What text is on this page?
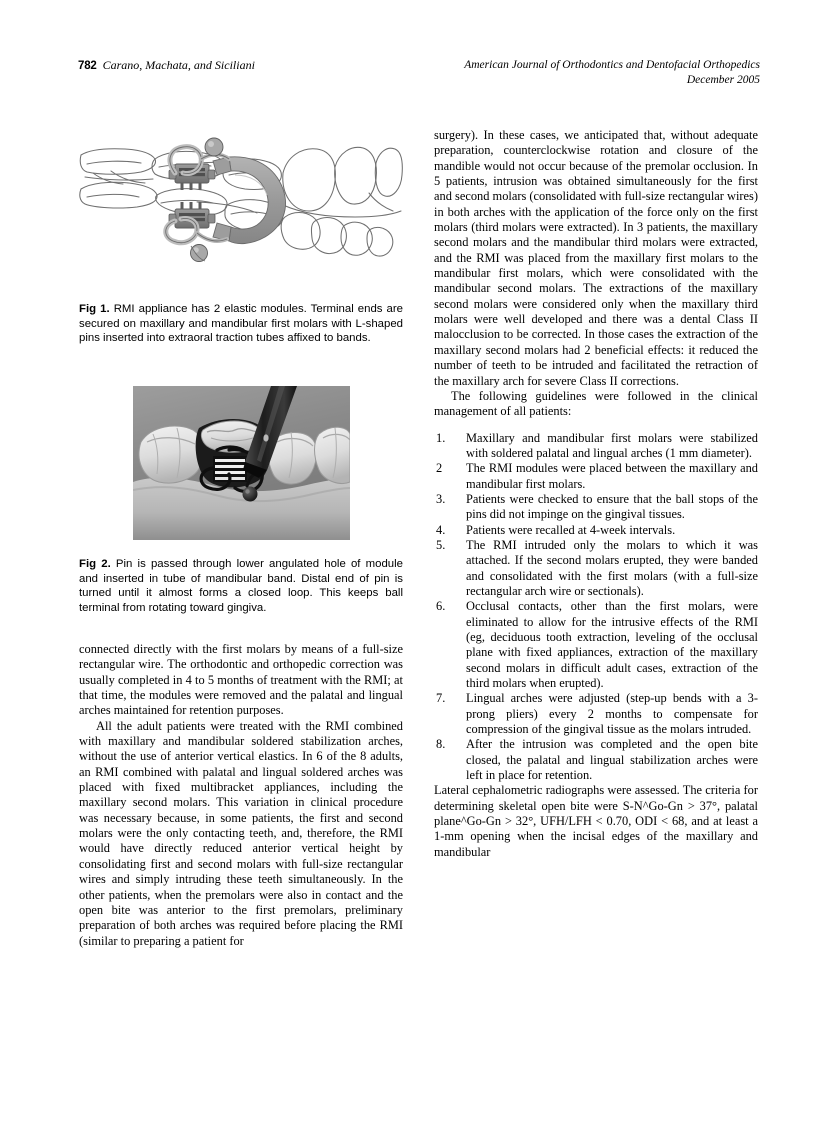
782 Carano, Machata, and Siciliani	American Journal of Orthodontics and Dentofacial Orthopedics
December 2005
Fig 1. RMI appliance has 2 elastic modules. Terminal ends are secured on maxillary and mandibular first molars with L-shaped pins inserted into extraoral traction tubes affixed to bands.
Fig 2. Pin is passed through lower angulated hole of module and inserted in tube of mandibular band. Distal end of pin is turned until it almost forms a closed loop. This keeps ball terminal from rotating toward gingiva.

connected directly with the first molars by means of a full-size rectangular wire. The orthodontic and orthopedic correction was usually completed in 4 to 5 months of treatment with the RMI; at that time, the modules were removed and the palatal and lingual arches maintained for retention purposes.

All the adult patients were treated with the RMI combined with maxillary and mandibular soldered stabilization arches, without the use of anterior vertical elastics. In 6 of the 8 adults, an RMI combined with palatal and lingual soldered arches was placed with fixed multibracket appliances, including the maxillary second molars. This variation in clinical procedure was necessary because, in some patients, the first and second molars were the only contacting teeth, and, therefore, the RMI would have directly reduced anterior vertical height by consolidating first and second molars with full-size rectangular wires and simply intruding these teeth simultaneously. In the other patients, when the premolars were also in contact and the open bite was anterior to the first premolars, preliminary preparation of both arches was required before placing the RMI (similar to preparing a patient for

surgery). In these cases, we anticipated that, without adequate preparation, counterclockwise rotation and closure of the mandible would not occur because of the premolar occlusion. In 5 patients, intrusion was obtained simultaneously for the first and second molars (consolidated with full-size rectangular wires) in both arches with the application of the force only on the first molars (third molars were extracted). In 3 patients, the maxillary second molars and the mandibular third molars were extracted, and the RMI was placed from the maxillary first molars to the mandibular first molars, which were consolidated with the mandibular second molars. The extractions of the maxillary second molars were considered only when the maxillary third molars were well developed and there was a dental Class II malocclusion to be corrected. In those cases the extraction of the maxillary second molars had 2 beneficial effects: it reduced the number of teeth to be intruded and facilitated the retraction of the maxillary arch for severe Class II corrections.

The following guidelines were followed in the clinical management of all patients:

1.	Maxillary and mandibular first molars were stabilized with soldered palatal and lingual arches (1 mm diameter).
2	The RMI modules were placed between the maxillary and mandibular first molars.
3.	Patients were checked to ensure that the ball stops of the pins did not impinge on the gingival tissues.
4.	Patients were recalled at 4-week intervals.
5.	The RMI intruded only the molars to which it was attached. If the second molars erupted, they were banded and consolidated with the first molars (with a full-size rectangular arch wire or sectionals).
6.	Occlusal contacts, other than the first molars, were eliminated to allow for the intrusive effects of the RMI (eg, deciduous tooth extraction, leveling of the occlusal plane with fixed appliances, extraction of the maxillary second molars in difficult adult cases, extraction of the third molars when erupted).
7.	Lingual arches were adjusted (step-up bends with a 3-prong pliers) every 2 months to compensate for compression of the gingival tissue as the molars intruded.
8.	After the intrusion was completed and the open bite closed, the palatal and lingual stabilization arches were left in place for retention.

Lateral cephalometric radiographs were assessed. The criteria for determining skeletal open bite were S-N^Go-Gn > 37°, palatal plane^Go-Gn > 32°, UFH/LFH < 0.70, ODI < 68, and at least a 1-mm opening when the incisal edges of the maxillary and mandibular
